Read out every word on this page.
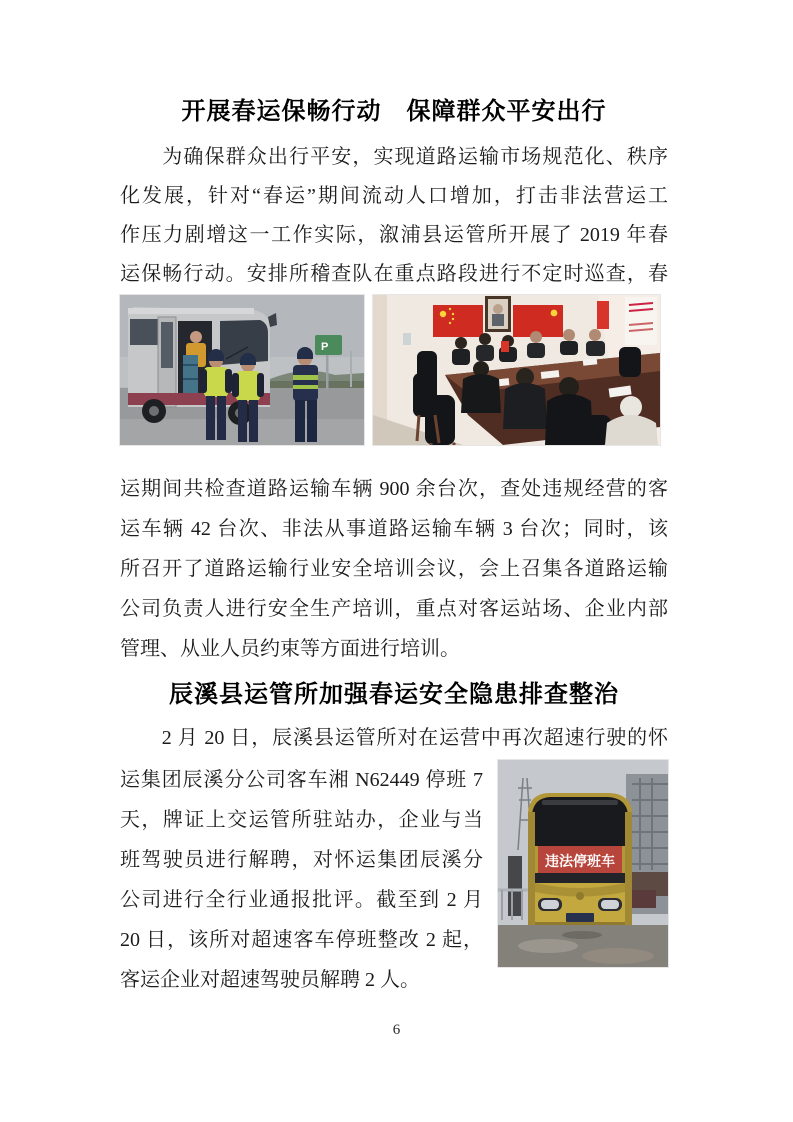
开展春运保畅行动　保障群众平安出行
　　为确保群众出行平安，实现道路运输市场规范化、秩序
化发展，针对“春运”期间流动人口增加，打击非法营运工
作压力剧增这一工作实际，溆浦县运管所开展了 2019 年春
运保畅行动。安排所稽查队在重点路段进行不定时巡查，春
P
运期间共检查道路运输车辆 900 余台次，查处违规经营的客
运车辆 42 台次、非法从事道路运输车辆 3 台次；同时，该
所召开了道路运输行业安全培训会议，会上召集各道路运输
公司负责人进行安全生产培训，重点对客运站场、企业内部
管理、从业人员约束等方面进行培训。
辰溪县运管所加强春运安全隐患排查整治
　　2 月 20 日，辰溪县运管所对在运营中再次超速行驶的怀
运集团辰溪分公司客车湘 N62449 停班 7
天，牌证上交运管所驻站办，企业与当
班驾驶员进行解聘，对怀运集团辰溪分
公司进行全行业通报批评。截至到 2 月
20 日，该所对超速客车停班整改 2 起，
客运企业对超速驾驶员解聘 2 人。
违法停班车
6
